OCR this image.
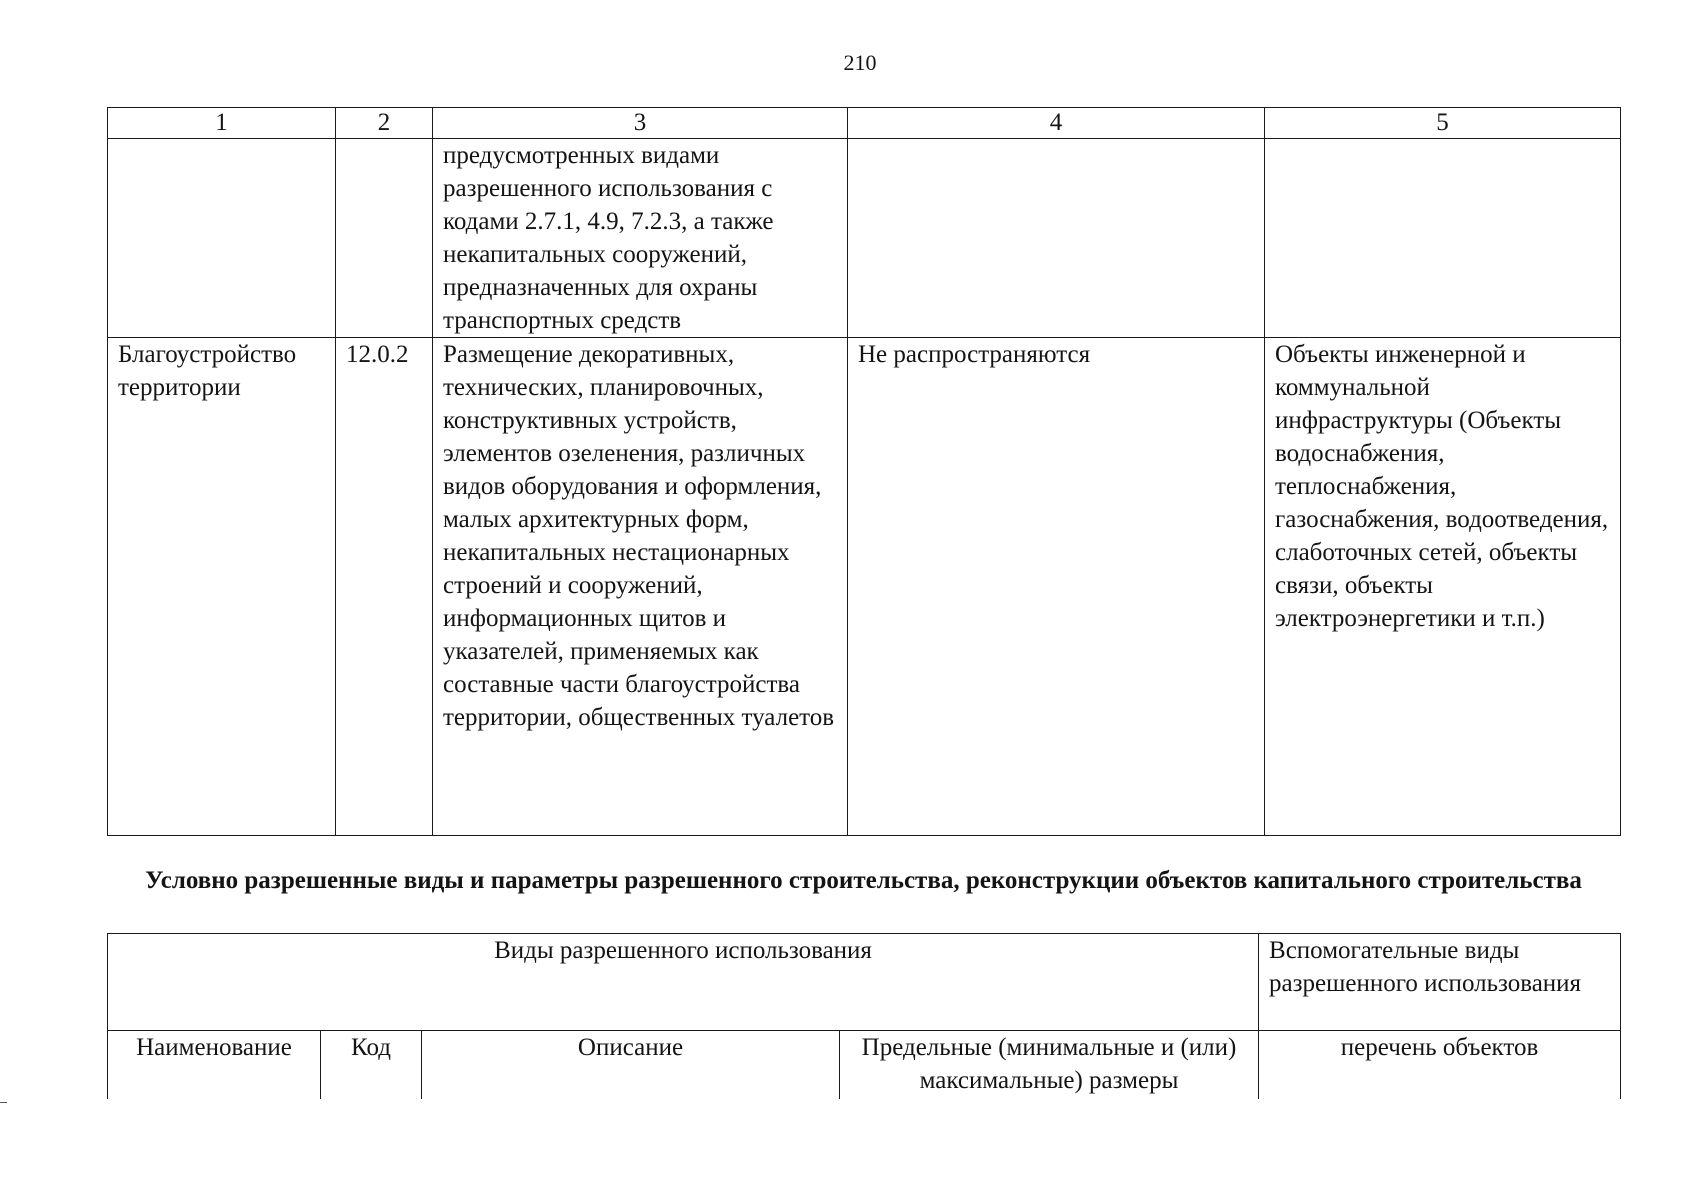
210
1	2	3	4	5
		предусмотренных видами разрешенного использования с кодами 2.7.1, 4.9, 7.2.3, а также некапитальных сооружений, предназначенных для охраны транспортных средств		
Благоустройство территории	12.0.2	Размещение декоративных, технических, планировочных, конструктивных устройств, элементов озеленения, различных видов оборудования и оформления, малых архитектурных форм, некапитальных нестационарных строений и сооружений, информационных щитов и указателей, применяемых как составные части благоустройства территории, общественных туалетов	Не распространяются	Объекты инженерной и коммунальной инфраструктуры (Объекты водоснабжения, теплоснабжения, газоснабжения, водоотведения, слаботочных сетей, объекты связи, объекты электроэнергетики и т.п.)
Условно разрешенные виды и параметры разрешенного строительства, реконструкции объектов капитального строительства
Виды разрешенного использования				Вспомогательные виды разрешенного использования
Наименование	Код	Описание	Предельные (минимальные и (или) максимальные) размеры	перечень объектов
